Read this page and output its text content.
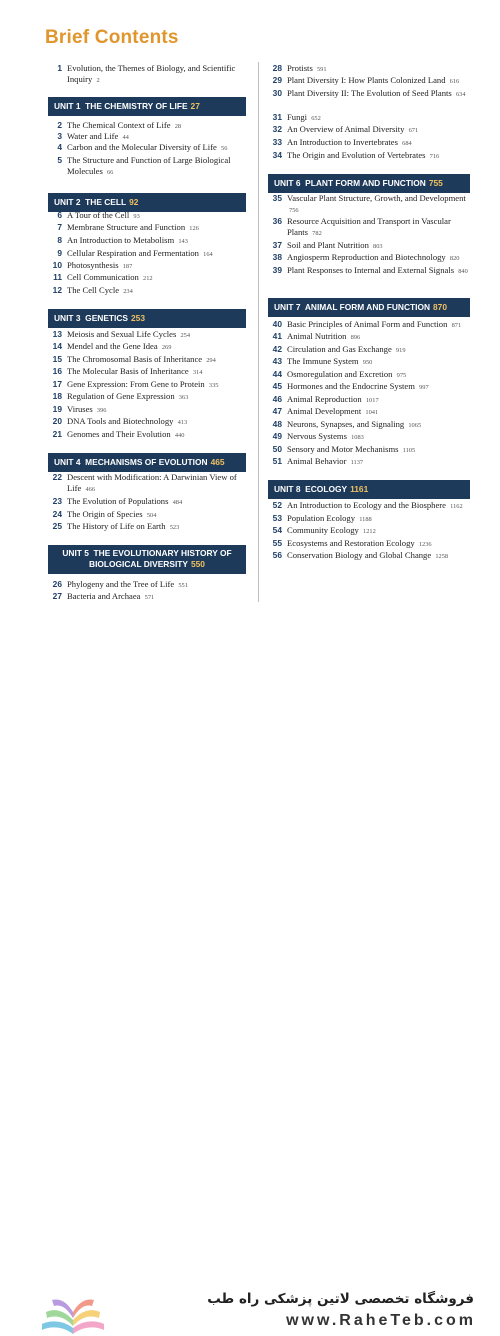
Brief Contents
1 Evolution, the Themes of Biology, and Scientific Inquiry 2
UNIT 1  THE CHEMISTRY OF LIFE 27
2 The Chemical Context of Life 28
3 Water and Life 44
4 Carbon and the Molecular Diversity of Life 56
5 The Structure and Function of Large Biological Molecules 66
UNIT 2  THE CELL 92
6 A Tour of the Cell 93
7 Membrane Structure and Function 126
8 An Introduction to Metabolism 143
9 Cellular Respiration and Fermentation 164
10 Photosynthesis 187
11 Cell Communication 212
12 The Cell Cycle 234
UNIT 3  GENETICS 253
13 Meiosis and Sexual Life Cycles 254
14 Mendel and the Gene Idea 269
15 The Chromosomal Basis of Inheritance 294
16 The Molecular Basis of Inheritance 314
17 Gene Expression: From Gene to Protein 335
18 Regulation of Gene Expression 363
19 Viruses 396
20 DNA Tools and Biotechnology 413
21 Genomes and Their Evolution 440
UNIT 4  MECHANISMS OF EVOLUTION 465
22 Descent with Modification: A Darwinian View of Life 466
23 The Evolution of Populations 484
24 The Origin of Species 504
25 The History of Life on Earth 523
UNIT 5  THE EVOLUTIONARY HISTORY OF BIOLOGICAL DIVERSITY 550
26 Phylogeny and the Tree of Life 551
27 Bacteria and Archaea 571
28 Protists 591
29 Plant Diversity I: How Plants Colonized Land 616
30 Plant Diversity II: The Evolution of Seed Plants 634
31 Fungi 652
32 An Overview of Animal Diversity 671
33 An Introduction to Invertebrates 684
34 The Origin and Evolution of Vertebrates 716
UNIT 6  PLANT FORM AND FUNCTION 755
35 Vascular Plant Structure, Growth, and Development 756
36 Resource Acquisition and Transport in Vascular Plants 782
37 Soil and Plant Nutrition 803
38 Angiosperm Reproduction and Biotechnology 820
39 Plant Responses to Internal and External Signals 840
UNIT 7  ANIMAL FORM AND FUNCTION 870
40 Basic Principles of Animal Form and Function 871
41 Animal Nutrition 896
42 Circulation and Gas Exchange 919
43 The Immune System 950
44 Osmoregulation and Excretion 975
45 Hormones and the Endocrine System 997
46 Animal Reproduction 1017
47 Animal Development 1041
48 Neurons, Synapses, and Signaling 1065
49 Nervous Systems 1083
50 Sensory and Motor Mechanisms 1105
51 Animal Behavior 1137
UNIT 8  ECOLOGY 1161
52 An Introduction to Ecology and the Biosphere 1162
53 Population Ecology 1188
54 Community Ecology 1212
55 Ecosystems and Restoration Ecology 1236
56 Conservation Biology and Global Change 1258
فروشگاه تخصصی لاتین پزشکی راه طب
www.RaheTeb.com
